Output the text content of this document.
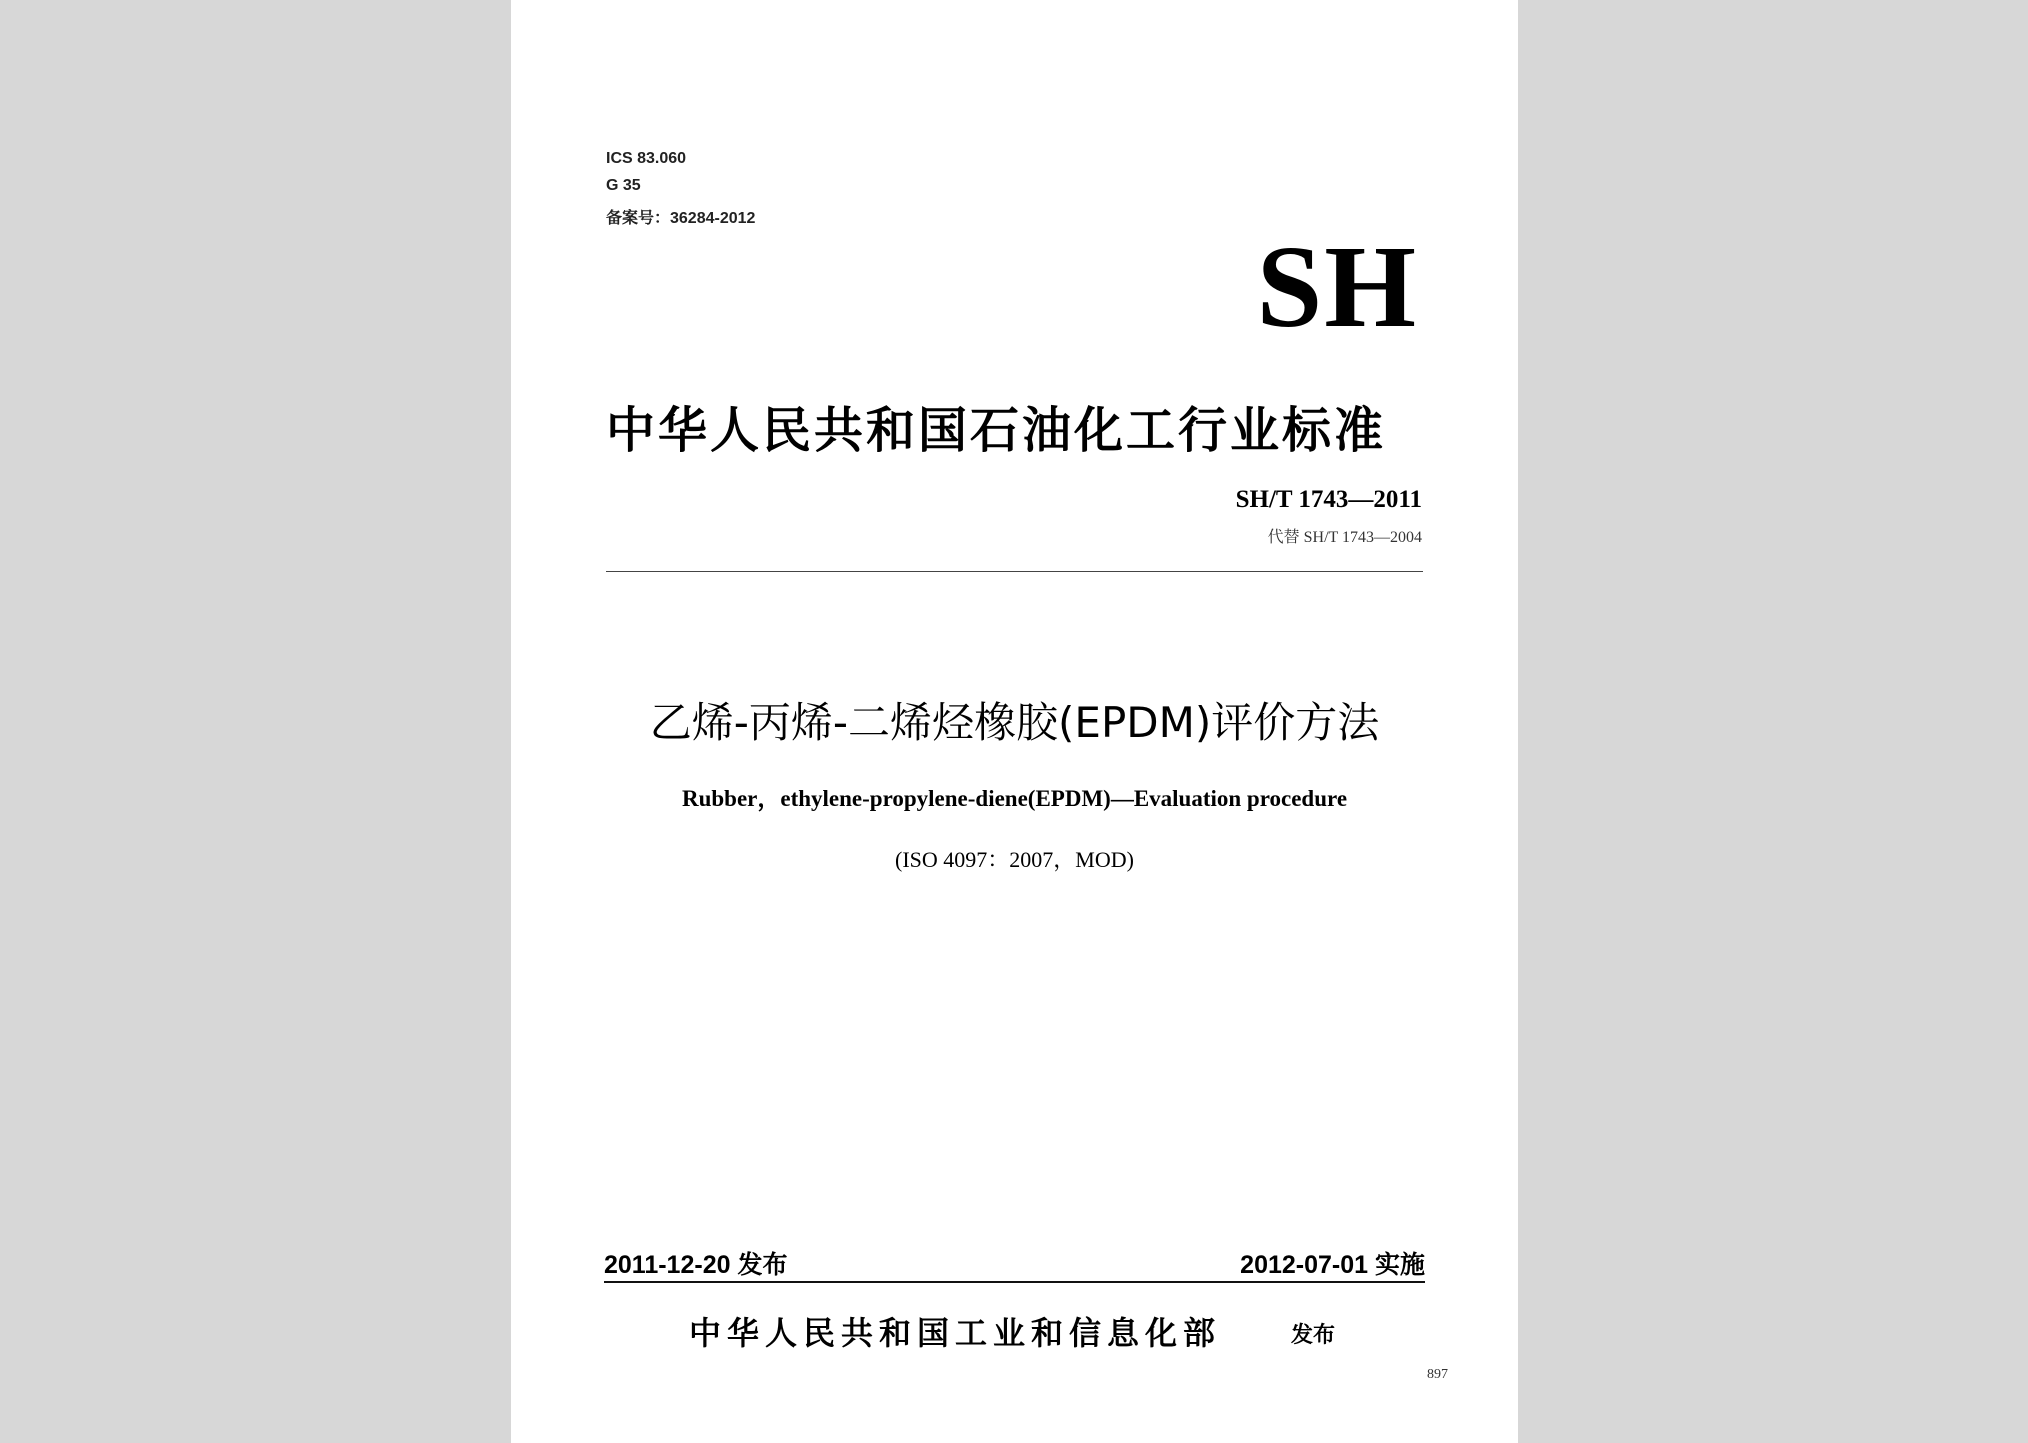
ICS 83.060
G 35
备案号：36284-2012
SH
中华人民共和国石油化工行业标准
SH/T 1743—2011
代替 SH/T 1743—2004
乙烯-丙烯-二烯烃橡胶(EPDM)评价方法
Rubber，ethylene-propylene-diene(EPDM)—Evaluation procedure
(ISO 4097：2007，MOD)
2011-12-20 发布	2012-07-01 实施
中华人民共和国工业和信息化部	发布
897
